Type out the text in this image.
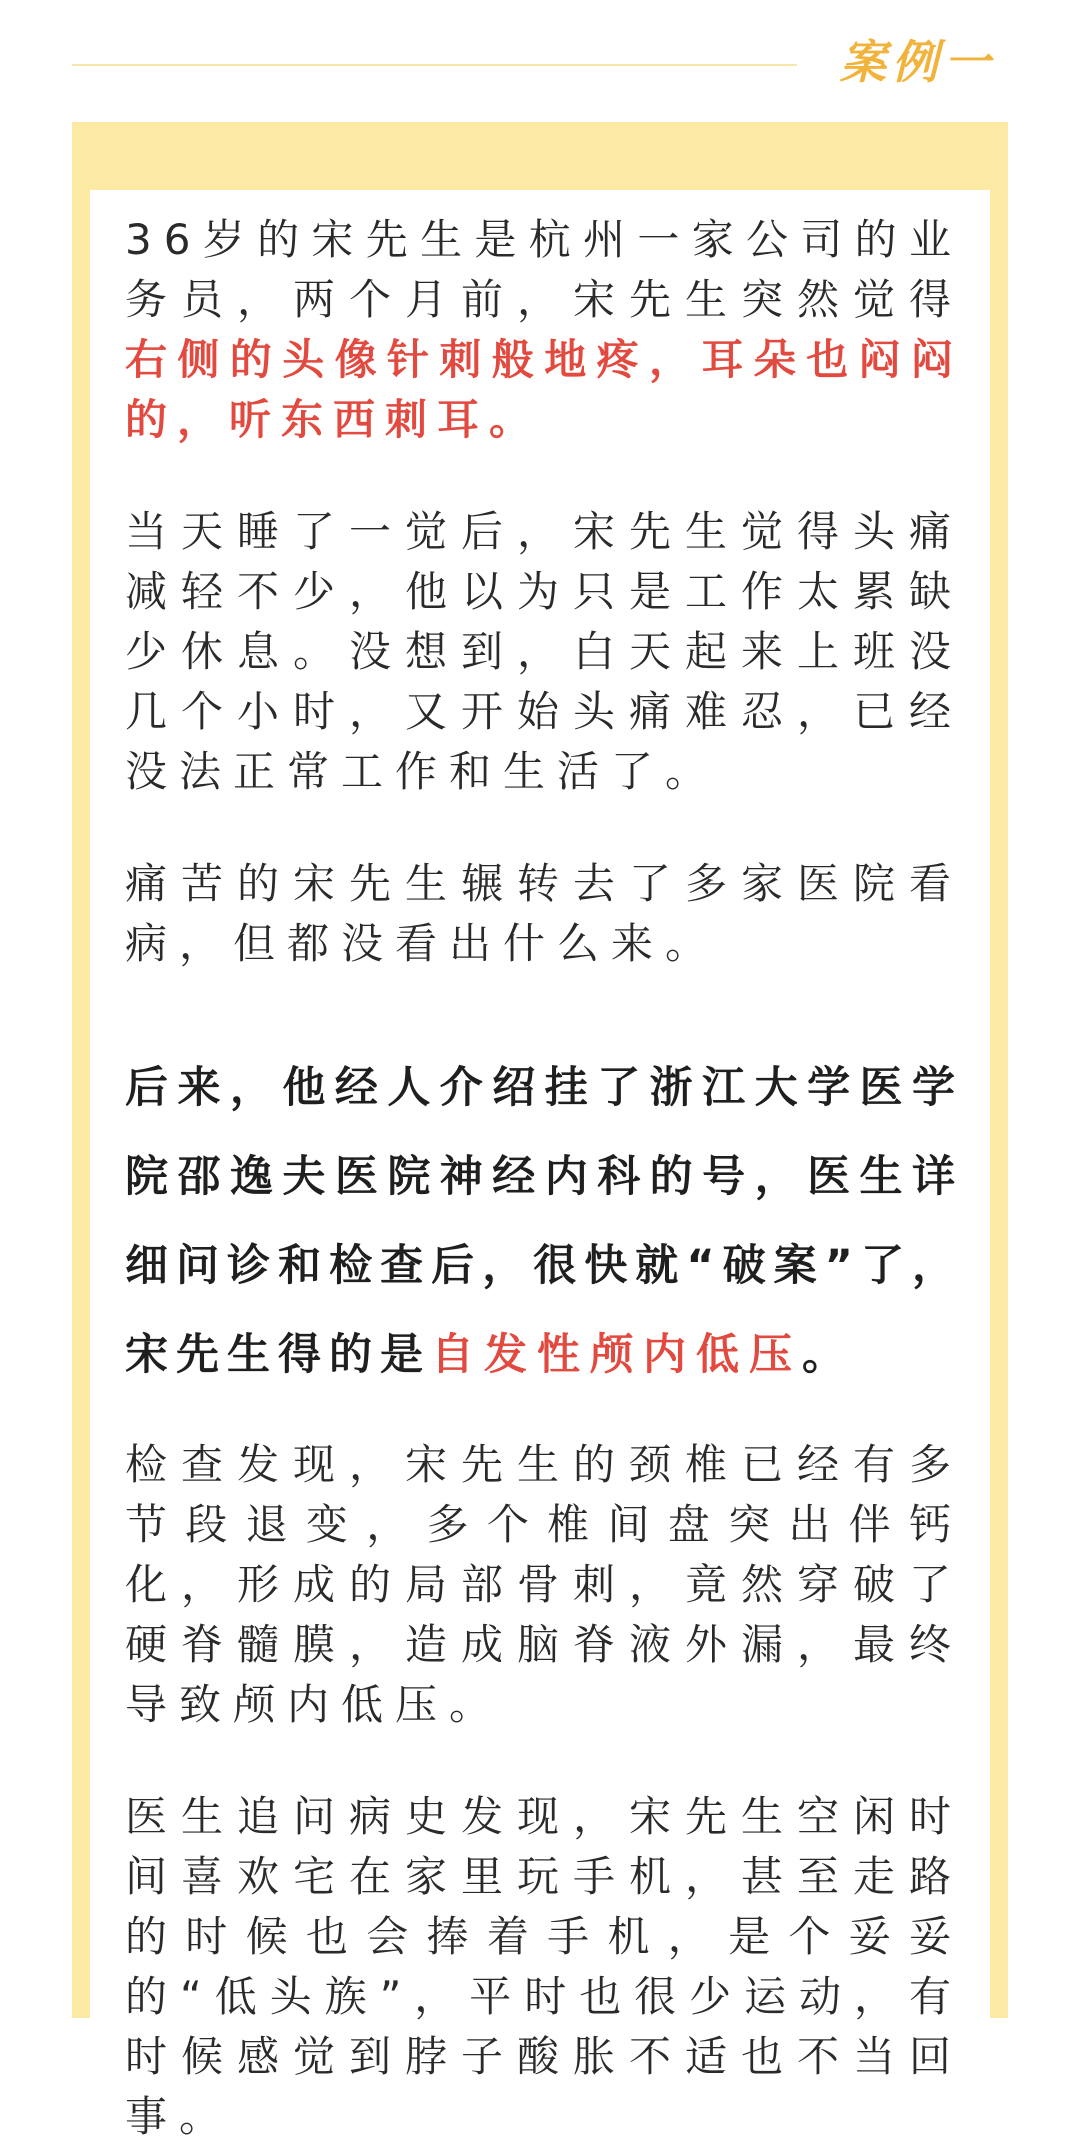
案例一

36岁的宋先生是杭州一家公司的业务员，两个月前，宋先生突然觉得右侧的头像针刺般地疼，耳朵也闷闷的，听东西刺耳。

当天睡了一觉后，宋先生觉得头痛减轻不少，他以为只是工作太累缺少休息。没想到，白天起来上班没几个小时，又开始头痛难忍，已经没法正常工作和生活了。

痛苦的宋先生辗转去了多家医院看病，但都没看出什么来。

后来，他经人介绍挂了浙江大学医学院邵逸夫医院神经内科的号，医生详细问诊和检查后，很快就“破案”了，宋先生得的是自发性颅内低压。

检查发现，宋先生的颈椎已经有多节段退变，多个椎间盘突出伴钙化，形成的局部骨刺，竟然穿破了硬脊髓膜，造成脑脊液外漏，最终导致颅内低压。

医生追问病史发现，宋先生空闲时间喜欢宅在家里玩手机，甚至走路的时候也会捧着手机，是个妥妥的“低头族”，平时也很少运动，有时候感觉到脖子酸胀不适也不当回事。
